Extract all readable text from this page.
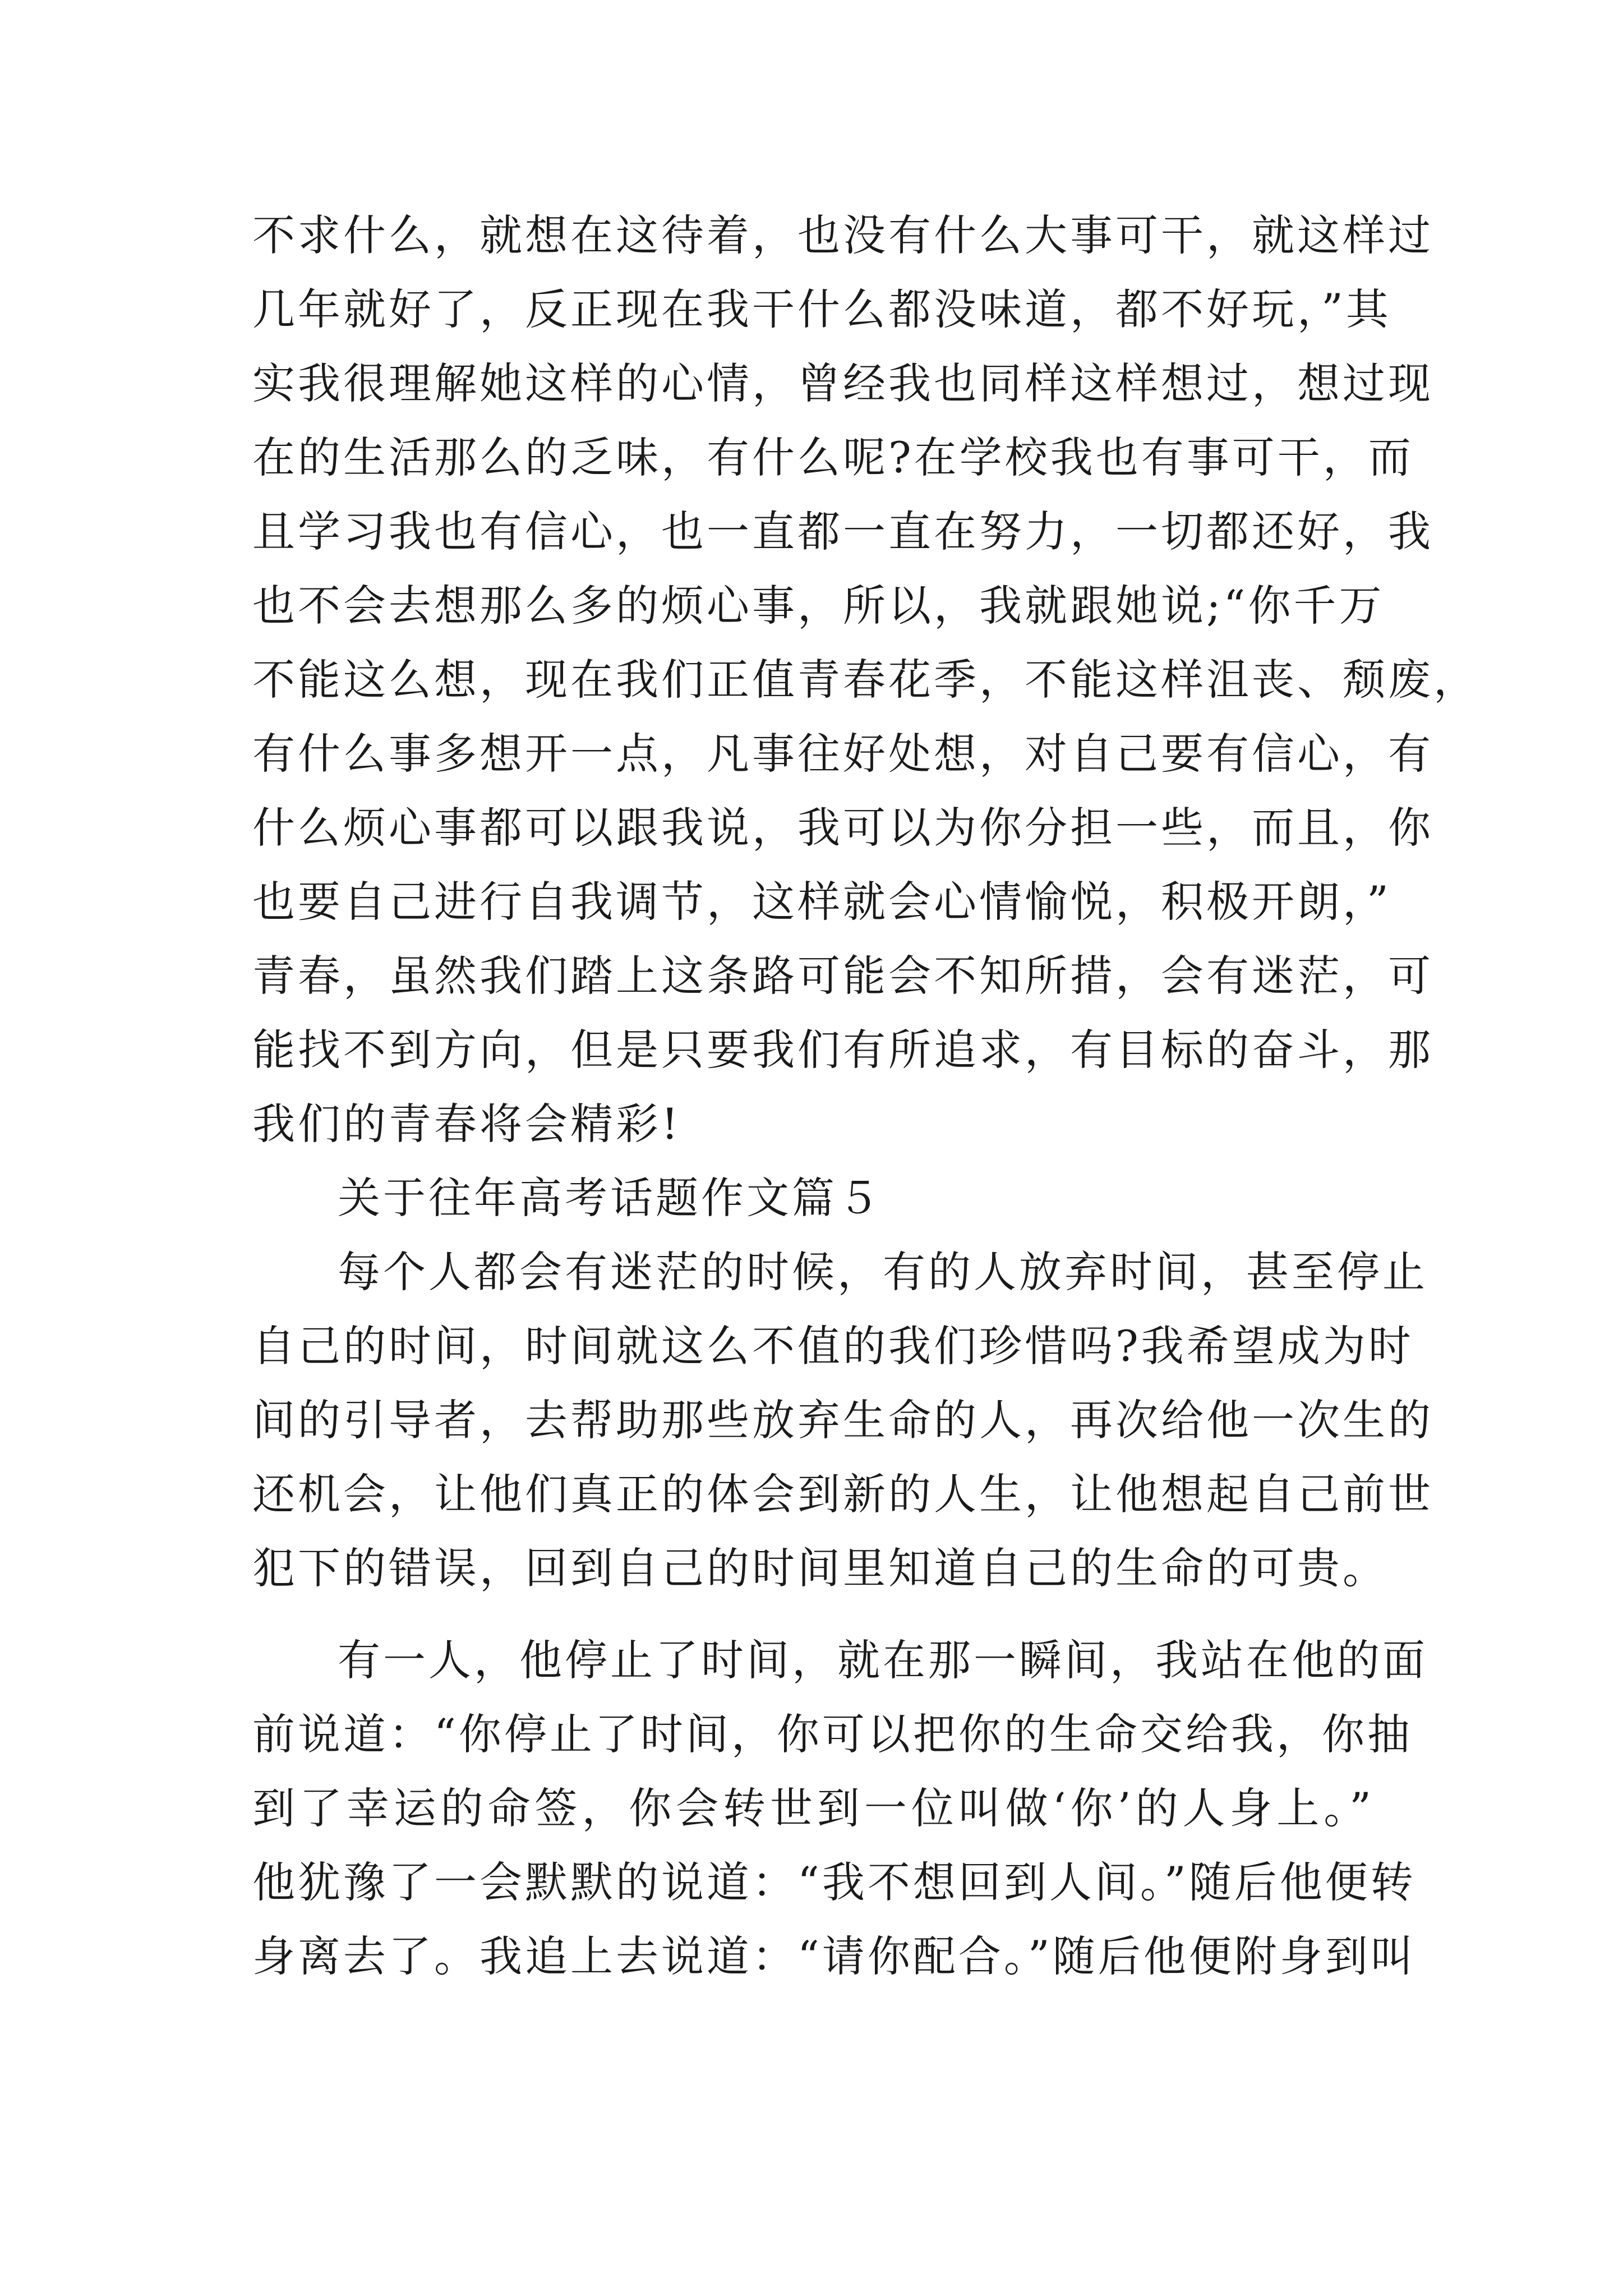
不求什么，就想在这待着，也没有什么大事可干，就这样过
几年就好了，反正现在我干什么都没味道，都不好玩，”其
实我很理解她这样的心情，曾经我也同样这样想过，想过现
在的生活那么的乏味，有什么呢?在学校我也有事可干，而
且学习我也有信心，也一直都一直在努力，一切都还好，我
也不会去想那么多的烦心事，所以，我就跟她说;“你千万
不能这么想，现在我们正值青春花季，不能这样沮丧、颓废，
有什么事多想开一点，凡事往好处想，对自己要有信心，有
什么烦心事都可以跟我说，我可以为你分担一些，而且，你
也要自己进行自我调节，这样就会心情愉悦，积极开朗，”
青春，虽然我们踏上这条路可能会不知所措，会有迷茫，可
能找不到方向，但是只要我们有所追求，有目标的奋斗，那
我们的青春将会精彩!
关于往年高考话题作文篇５
每个人都会有迷茫的时候，有的人放弃时间，甚至停止
自己的时间，时间就这么不值的我们珍惜吗?我希望成为时
间的引导者，去帮助那些放弃生命的人，再次给他一次生的
还机会，让他们真正的体会到新的人生，让他想起自己前世
犯下的错误，回到自己的时间里知道自己的生命的可贵。
有一人，他停止了时间，就在那一瞬间，我站在他的面
前说道：“你停止了时间，你可以把你的生命交给我，你抽
到了幸运的命签，你会转世到一位叫做‘你’的人身上。”
他犹豫了一会默默的说道：“我不想回到人间。”随后他便转
身离去了。我追上去说道：“请你配合。”随后他便附身到叫
